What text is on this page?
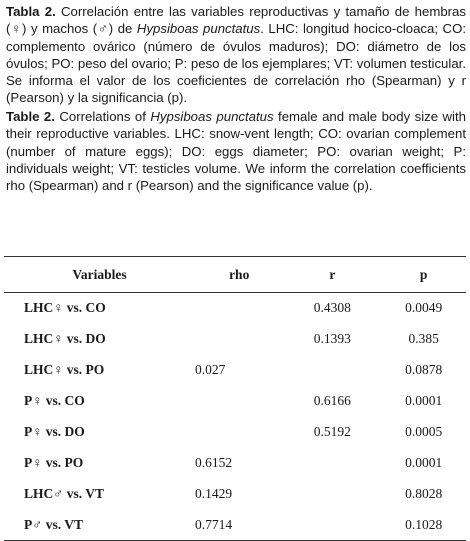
Tabla 2. Correlación entre las variables reproductivas y tamaño de hembras (♀) y machos (♂) de Hypsiboas punctatus. LHC: longitud hocico-cloaca; CO: complemento ovárico (número de óvulos maduros); DO: diámetro de los óvulos; PO: peso del ovario; P: peso de los ejemplares; VT: volumen testicular. Se informa el valor de los coeficientes de correlación rho (Spearman) y r (Pearson) y la significancia (p).
Table 2. Correlations of Hypsiboas punctatus female and male body size with their reproductive variables. LHC: snow-vent length; CO: ovarian complement (number of mature eggs); DO: eggs diameter; PO: ovarian weight; P: individuals weight; VT: testicles volume. We inform the correlation coefficients rho (Spearman) and r (Pearson) and the significance value (p).
Variables	rho	r	p
LHC♀ vs. CO		0.4308	0.0049
LHC♀ vs. DO		0.1393	0.385
LHC♀ vs. PO	0.027		0.0878
P♀ vs. CO		0.6166	0.0001
P♀ vs. DO		0.5192	0.0005
P♀ vs. PO	0.6152		0.0001
LHC♂ vs. VT	0.1429		0.8028
P♂ vs. VT	0.7714		0.1028
